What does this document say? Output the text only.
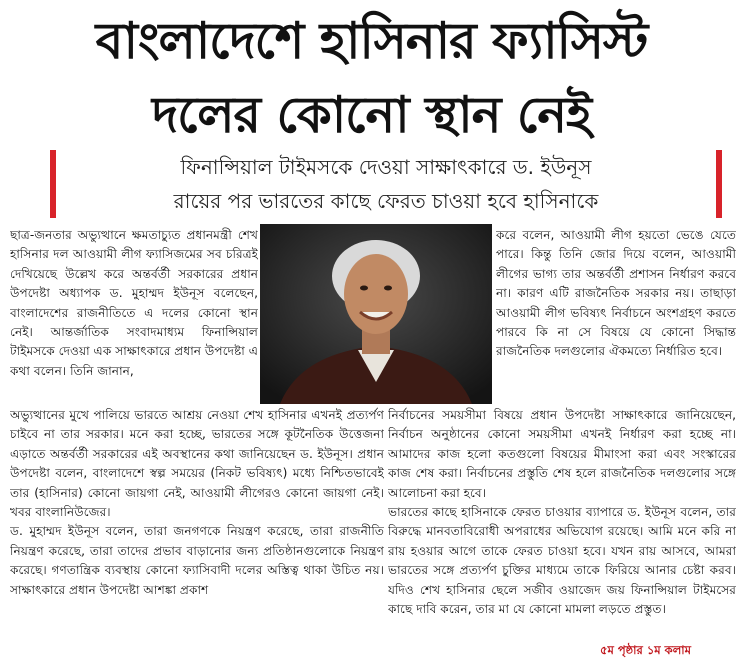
বাংলাদেশে হাসিনার ফ্যাসিস্ট
দলের কোনো স্থান নেই
ফিনান্সিয়াল টাইমসকে দেওয়া সাক্ষাৎকারে ড. ইউনূস
রায়ের পর ভারতের কাছে ফেরত চাওয়া হবে হাসিনাকে

ছাত্র-জনতার অভ্যুত্থানে ক্ষমতাচ্যুত প্রধানমন্ত্রী শেখ হাসিনার দল আওয়ামী লীগ ফ্যাসিজমের সব চরিত্রই দেখিয়েছে উল্লেখ করে অন্তর্বর্তী সরকারের প্রধান উপদেষ্টা অধ্যাপক ড. মুহাম্মদ ইউনূস বলেছেন, বাংলাদেশের রাজনীতিতে এ দলের কোনো স্থান নেই। আন্তর্জাতিক সংবাদমাধ্যম ফিনান্সিয়াল টাইমসকে দেওয়া এক সাক্ষাৎকারে প্রধান উপদেষ্টা এ কথা বলেন। তিনি জানান,

করে বলেন, আওয়ামী লীগ হয়তো ভেঙে যেতে পারে। কিন্তু তিনি জোর দিয়ে বলেন, আওয়ামী লীগের ভাগ্য তার অন্তর্বর্তী প্রশাসন নির্ধারণ করবে না। কারণ এটি রাজনৈতিক সরকার নয়। তাছাড়া আওয়ামী লীগ ভবিষ্যৎ নির্বাচনে অংশগ্রহণ করতে পারবে কি না সে বিষয়ে যে কোনো সিদ্ধান্ত রাজনৈতিক দলগুলোর ঐকমত্যে নির্ধারিত হবে।

অভ্যুত্থানের মুখে পালিয়ে ভারতে আশ্রয় নেওয়া শেখ হাসিনার এখনই প্রত্যর্পণ চাইবে না তার সরকার। মনে করা হচ্ছে, ভারতের সঙ্গে কূটনৈতিক উত্তেজনা এড়াতে অন্তর্বর্তী সরকারের এই অবস্থানের কথা জানিয়েছেন ড. ইউনূস। প্রধান উপদেষ্টা বলেন, বাংলাদেশে স্বল্প সময়ের (নিকট ভবিষ্যৎ) মধ্যে নিশ্চিতভাবেই তার (হাসিনার) কোনো জায়গা নেই, আওয়ামী লীগেরও কোনো জায়গা নেই। খবর বাংলানিউজের।

ড. মুহাম্মদ ইউনূস বলেন, তারা জনগণকে নিয়ন্ত্রণ করেছে, তারা রাজনীতি নিয়ন্ত্রণ করেছে, তারা তাদের প্রভাব বাড়ানোর জন্য প্রতিষ্ঠানগুলোকে নিয়ন্ত্রণ করেছে। গণতান্ত্রিক ব্যবস্থায় কোনো ফ্যাসিবাদী দলের অস্তিত্ব থাকা উচিত নয়। সাক্ষাৎকারে প্রধান উপদেষ্টা আশঙ্কা প্রকাশ

নির্বাচনের সময়সীমা বিষয়ে প্রধান উপদেষ্টা সাক্ষাৎকারে জানিয়েছেন, নির্বাচন অনুষ্ঠানের কোনো সময়সীমা এখনই নির্ধারণ করা হচ্ছে না। আমাদের কাজ হলো কতগুলো বিষয়ের মীমাংসা করা এবং সংস্কারের কাজ শেষ করা। নির্বাচনের প্রস্তুতি শেষ হলে রাজনৈতিক দলগুলোর সঙ্গে আলোচনা করা হবে।

ভারতের কাছে হাসিনাকে ফেরত চাওয়ার ব্যাপারে ড. ইউনূস বলেন, তার বিরুদ্ধে মানবতাবিরোধী অপরাধের অভিযোগ রয়েছে। আমি মনে করি না রায় হওয়ার আগে তাকে ফেরত চাওয়া হবে। যখন রায় আসবে, আমরা ভারতের সঙ্গে প্রত্যর্পণ চুক্তির মাধ্যমে তাকে ফিরিয়ে আনার চেষ্টা করব। যদিও শেখ হাসিনার ছেলে সজীব ওয়াজেদ জয় ফিনান্সিয়াল টাইমসের কাছে দাবি করেন, তার মা যে কোনো মামলা লড়তে প্রস্তুত।

৫ম পৃষ্ঠার ১ম কলাম
